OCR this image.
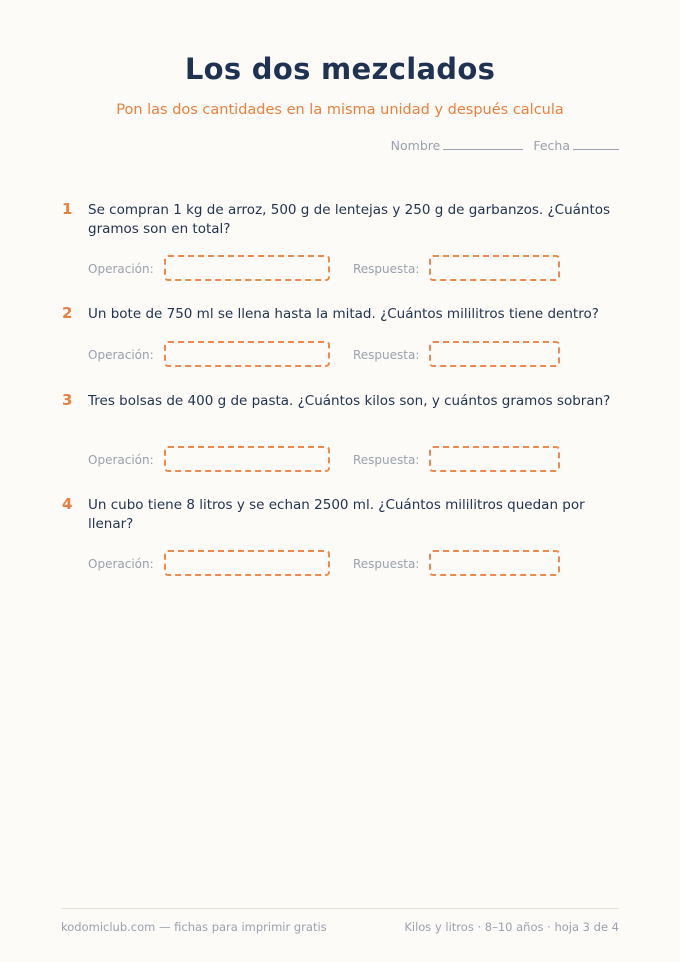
Los dos mezclados
Pon las dos cantidades en la misma unidad y después calcula
Nombre	Fecha
1 Se compran 1 kg de arroz, 500 g de lentejas y 250 g de garbanzos. ¿Cuántos gramos son en total?
Operación:	Respuesta:
2 Un bote de 750 ml se llena hasta la mitad. ¿Cuántos mililitros tiene dentro?
Operación:	Respuesta:
3 Tres bolsas de 400 g de pasta. ¿Cuántos kilos son, y cuántos gramos sobran?
Operación:	Respuesta:
4 Un cubo tiene 8 litros y se echan 2500 ml. ¿Cuántos mililitros quedan por llenar?
Operación:	Respuesta:
kodomiclub.com — fichas para imprimir gratis	Kilos y litros · 8–10 años · hoja 3 de 4
